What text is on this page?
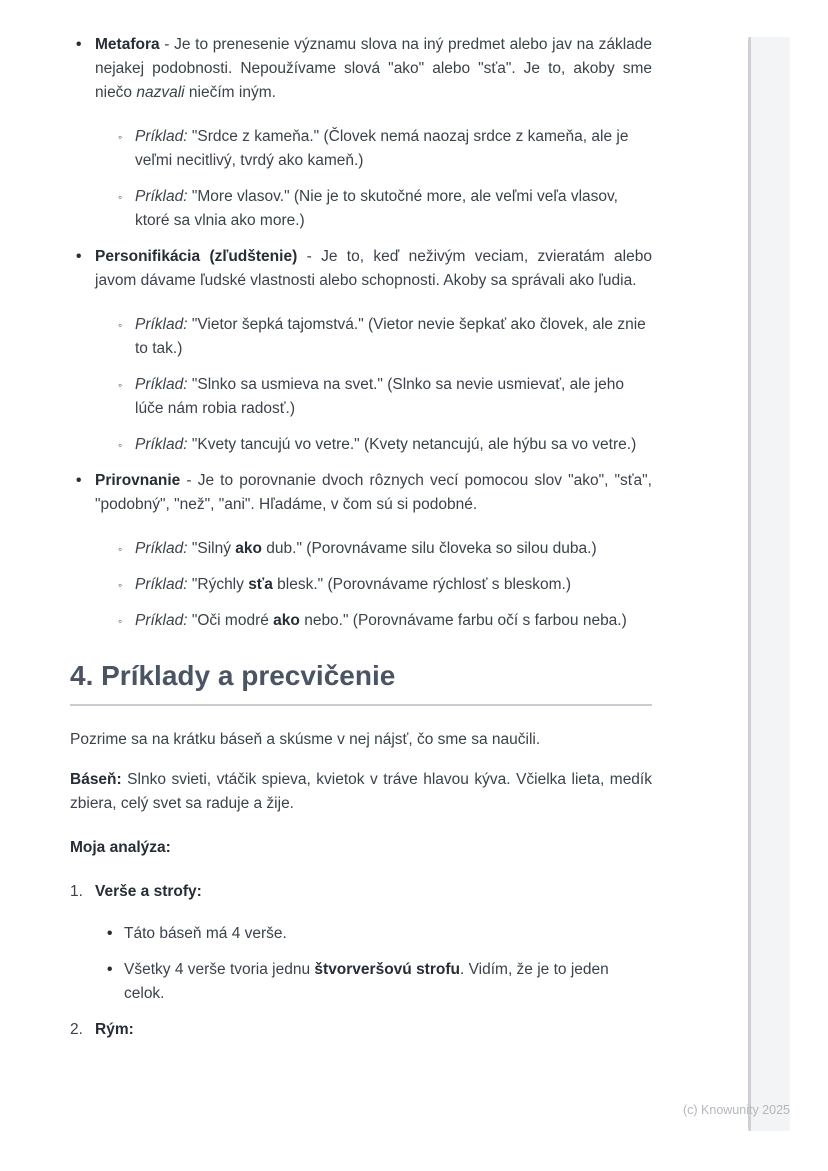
• Metafora - Je to prenesenie významu slova na iný predmet alebo jav na základe nejakej podobnosti. Nepoužívame slová "ako" alebo "sťa". Je to, akoby sme niečo nazvali niečím iným.

◦ Príklad: "Srdce z kameňa." (Človek nemá naozaj srdce z kameňa, ale je veľmi necitlivý, tvrdý ako kameň.)

◦ Príklad: "More vlasov." (Nie je to skutočné more, ale veľmi veľa vlasov, ktoré sa vlnia ako more.)

• Personifikácia (zľudštenie) - Je to, keď neživým veciam, zvieratám alebo javom dávame ľudské vlastnosti alebo schopnosti. Akoby sa správali ako ľudia.

◦ Príklad: "Vietor šepká tajomstvá." (Vietor nevie šepkať ako človek, ale znie to tak.)

◦ Príklad: "Slnko sa usmieva na svet." (Slnko sa nevie usmievať, ale jeho lúče nám robia radosť.)

◦ Príklad: "Kvety tancujú vo vetre." (Kvety netancujú, ale hýbu sa vo vetre.)

• Prirovnanie - Je to porovnanie dvoch rôznych vecí pomocou slov "ako", "sťa", "podobný", "než", "ani". Hľadáme, v čom sú si podobné.

◦ Príklad: "Silný ako dub." (Porovnávame silu človeka so silou duba.)

◦ Príklad: "Rýchly sťa blesk." (Porovnávame rýchlosť s bleskom.)

◦ Príklad: "Oči modré ako nebo." (Porovnávame farbu očí s farbou neba.)

4. Príklady a precvičenie

Pozrime sa na krátku báseň a skúsme v nej nájsť, čo sme sa naučili.

Báseň: Slnko svieti, vtáčik spieva, kvietok v tráve hlavou kýva. Včielka lieta, medík zbiera, celý svet sa raduje a žije.

Moja analýza:

Verše a strofy:

• Táto báseň má 4 verše.

• Všetky 4 verše tvoria jednu štvorveršovú strofu. Vidím, že je to jeden celok.

Rým:

(c) Knowunity 2025
